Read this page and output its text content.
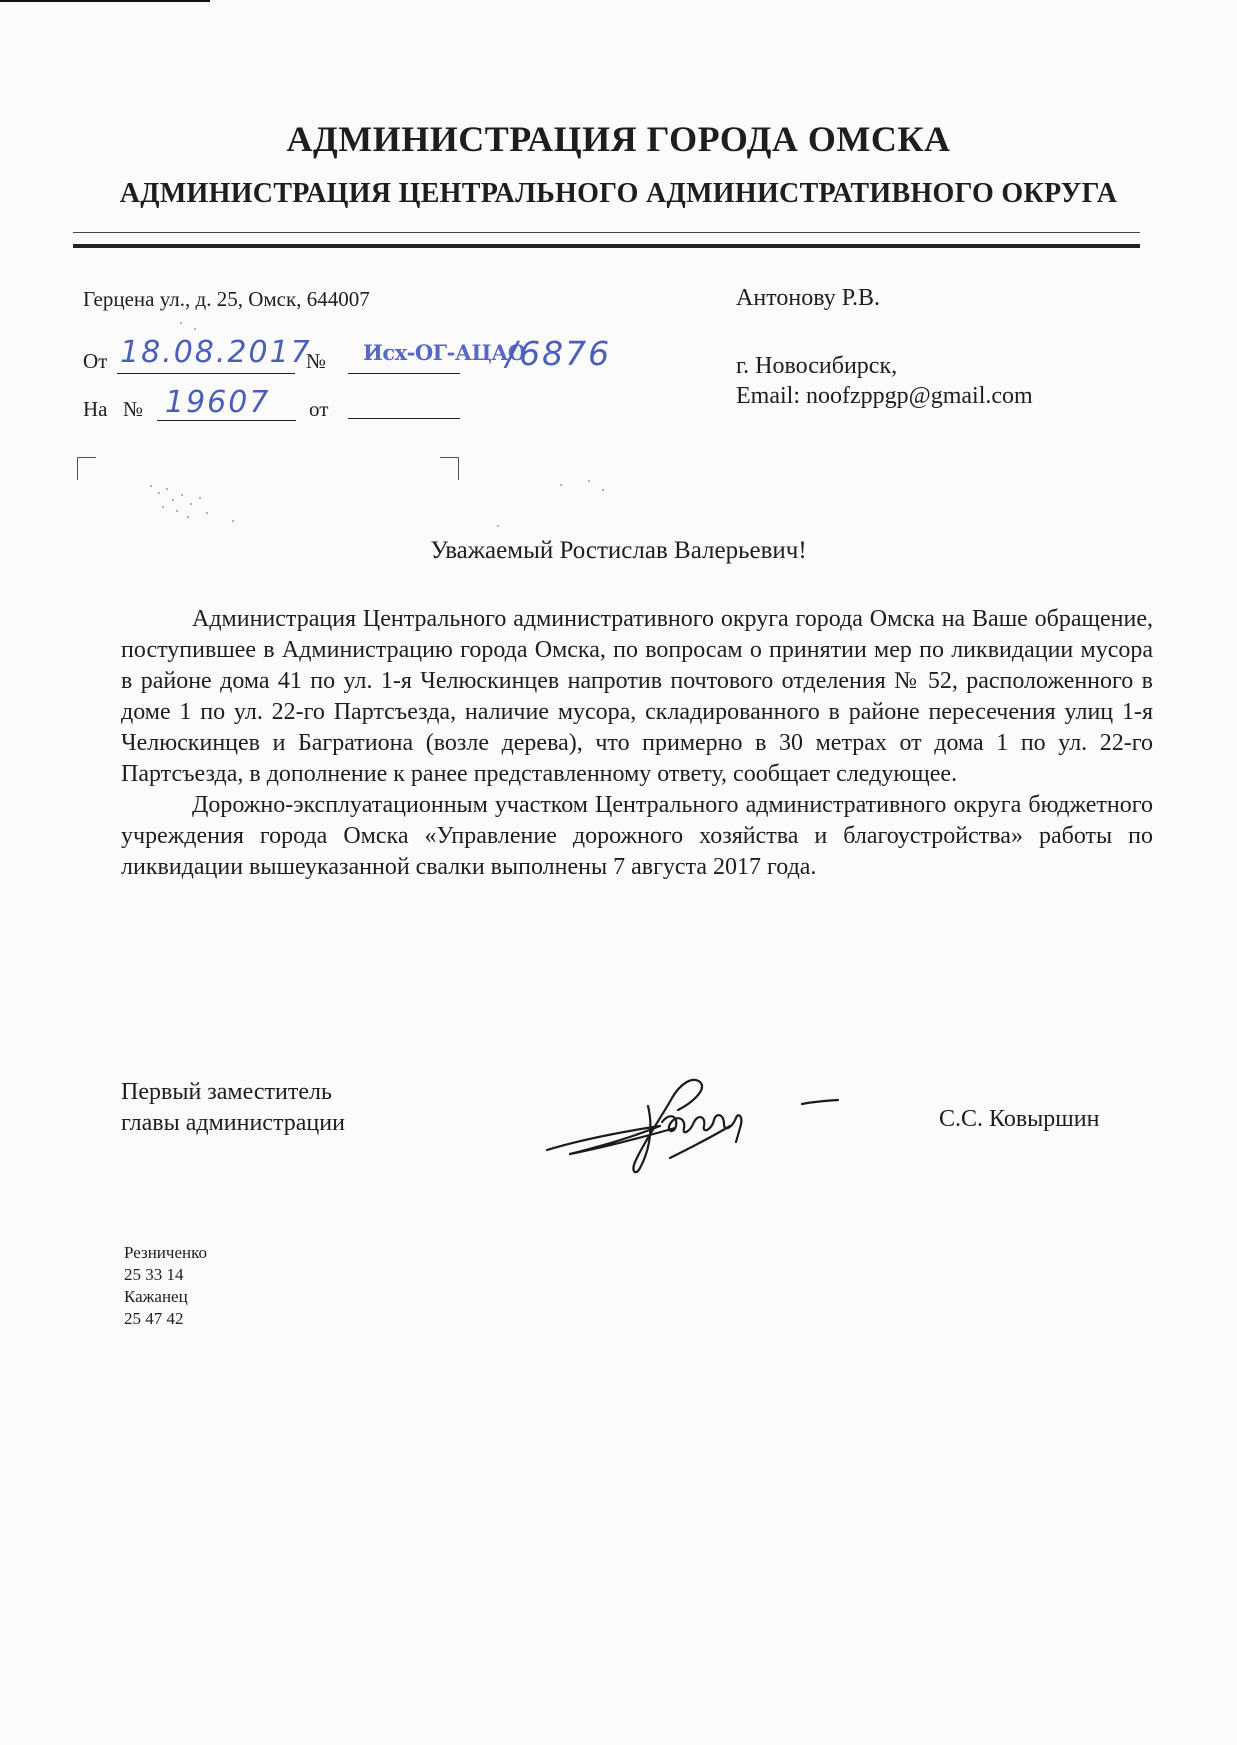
АДМИНИСТРАЦИЯ ГОРОДА ОМСКА
АДМИНИСТРАЦИЯ ЦЕНТРАЛЬНОГО АДМИНИСТРАТИВНОГО ОКРУГА
Герцена ул., д. 25, Омск, 644007
От 18.08.2017
№ Исх-ОГ-АЦАО
/6876
На № 19607 от
Антонову Р.В.
г. Новосибирск,
Email: noofzppgp@gmail.com
Уважаемый Ростислав Валерьевич!

Администрация Центрального административного округа города Омска на Ваше обращение, поступившее в Администрацию города Омска, по вопросам о принятии мер по ликвидации мусора в районе дома 41 по ул. 1-я Челюскинцев напротив почтового отделения № 52, расположенного в доме 1 по ул. 22-го Партсъезда, наличие мусора, складированного в районе пересечения улиц 1-я Челюскинцев и Багратиона (возле дерева), что примерно в 30 метрах от дома 1 по ул. 22-го Партсъезда, в дополнение к ранее представленному ответу, сообщает следующее.

Дорожно-эксплуатационным участком Центрального административного округа бюджетного учреждения города Омска «Управление дорожного хозяйства и благоустройства» работы по ликвидации вышеуказанной свалки выполнены 7 августа 2017 года.

Первый заместитель
главы администрации	С.С. Ковыршин
Резниченко
25 33 14
Кажанец
25 47 42
